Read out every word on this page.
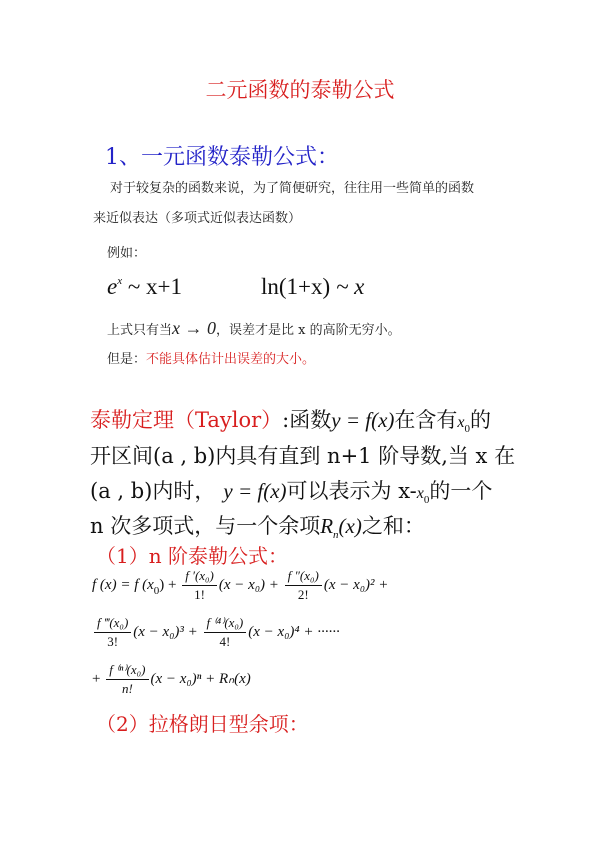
二元函数的泰勒公式
1、一元函数泰勒公式：
对于较复杂的函数来说，为了简便研究，往往用一些简单的函数
来近似表达（多项式近似表达函数）
例如：
$e^x$ ~ x+1	ln(1+x) ~ x
上式只有当x → 0，误差才是比 x 的高阶无穷小。
但是：不能具体估计出误差的大小。
泰勒定理（Taylor）:函数y = f(x)在含有$x_0$的
开区间(a , b)内具有直到 n+1 阶导数,当 x 在
(a , b)内时， y = f(x)可以表示为 $x-x_0$的一个
n 次多项式，与一个余项$R_n(x)$之和：
（1）n 阶泰勒公式：
f (x) = f $(x_0) + \frac{\text{f ′(x₀)}}{1!} (x - x_0) + \frac{\text{f ″(x₀)}}{2!} (x - x_0)^2$ +
$\frac{\text{f ‴(x₀)}}{3!} (x - x_0)^3 + \frac{\text{f ⁽⁴⁾(x₀)}}{4!} (x - x_0)^4$ + ······
+ $\frac{\text{f ⁽ⁿ⁾(x₀)}}{n!} (x - x_0)^n + R_n(x)$
（2）拉格朗日型余项：
